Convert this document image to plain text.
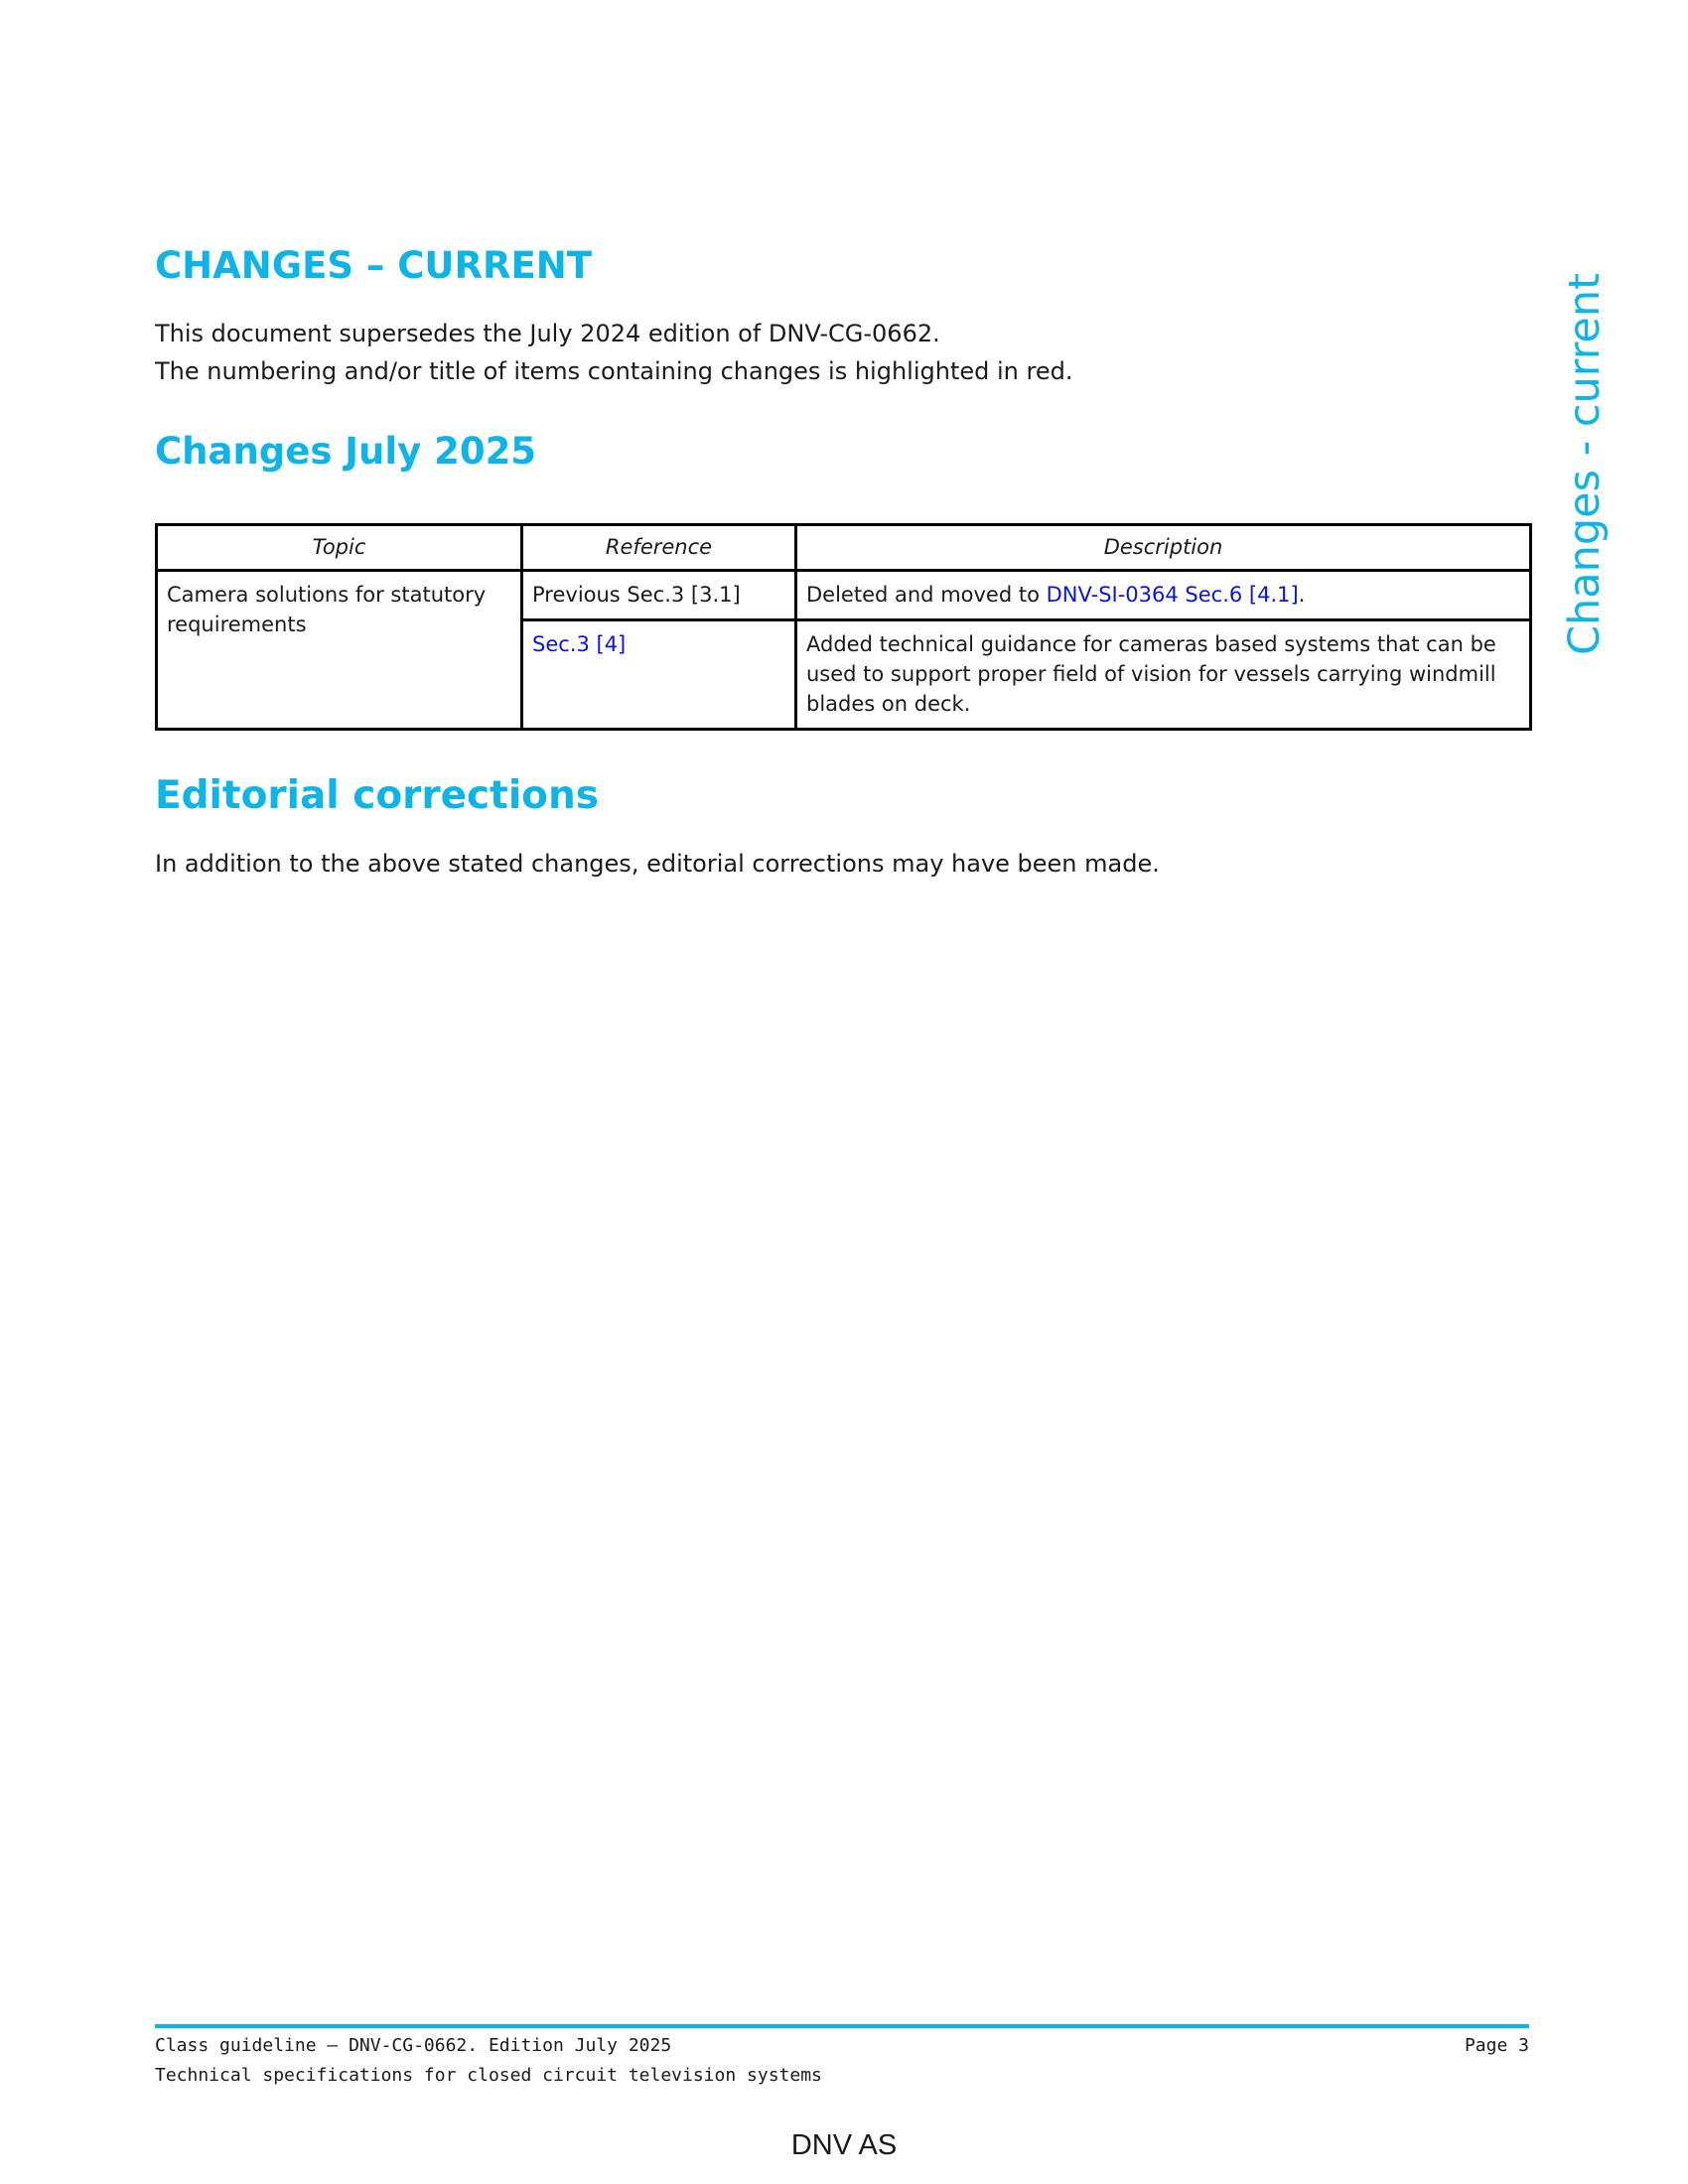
CHANGES – CURRENT

This document supersedes the July 2024 edition of DNV-CG-0662.

The numbering and/or title of items containing changes is highlighted in red.

Changes July 2025	Changes - current
Topic	Reference	Description
Camera solutions for statutory requirements	Previous Sec.3 [3.1]	Deleted and moved to DNV-SI-0364 Sec.6 [4.1].
	Sec.3 [4]	Added technical guidance for cameras based systems that can be used to support proper field of vision for vessels carrying windmill blades on deck.
Editorial corrections

In addition to the above stated changes, editorial corrections may have been made.

Class guideline — DNV-CG-0662. Edition July 2025	Page 3

Technical specifications for closed circuit television systems

DNV AS
